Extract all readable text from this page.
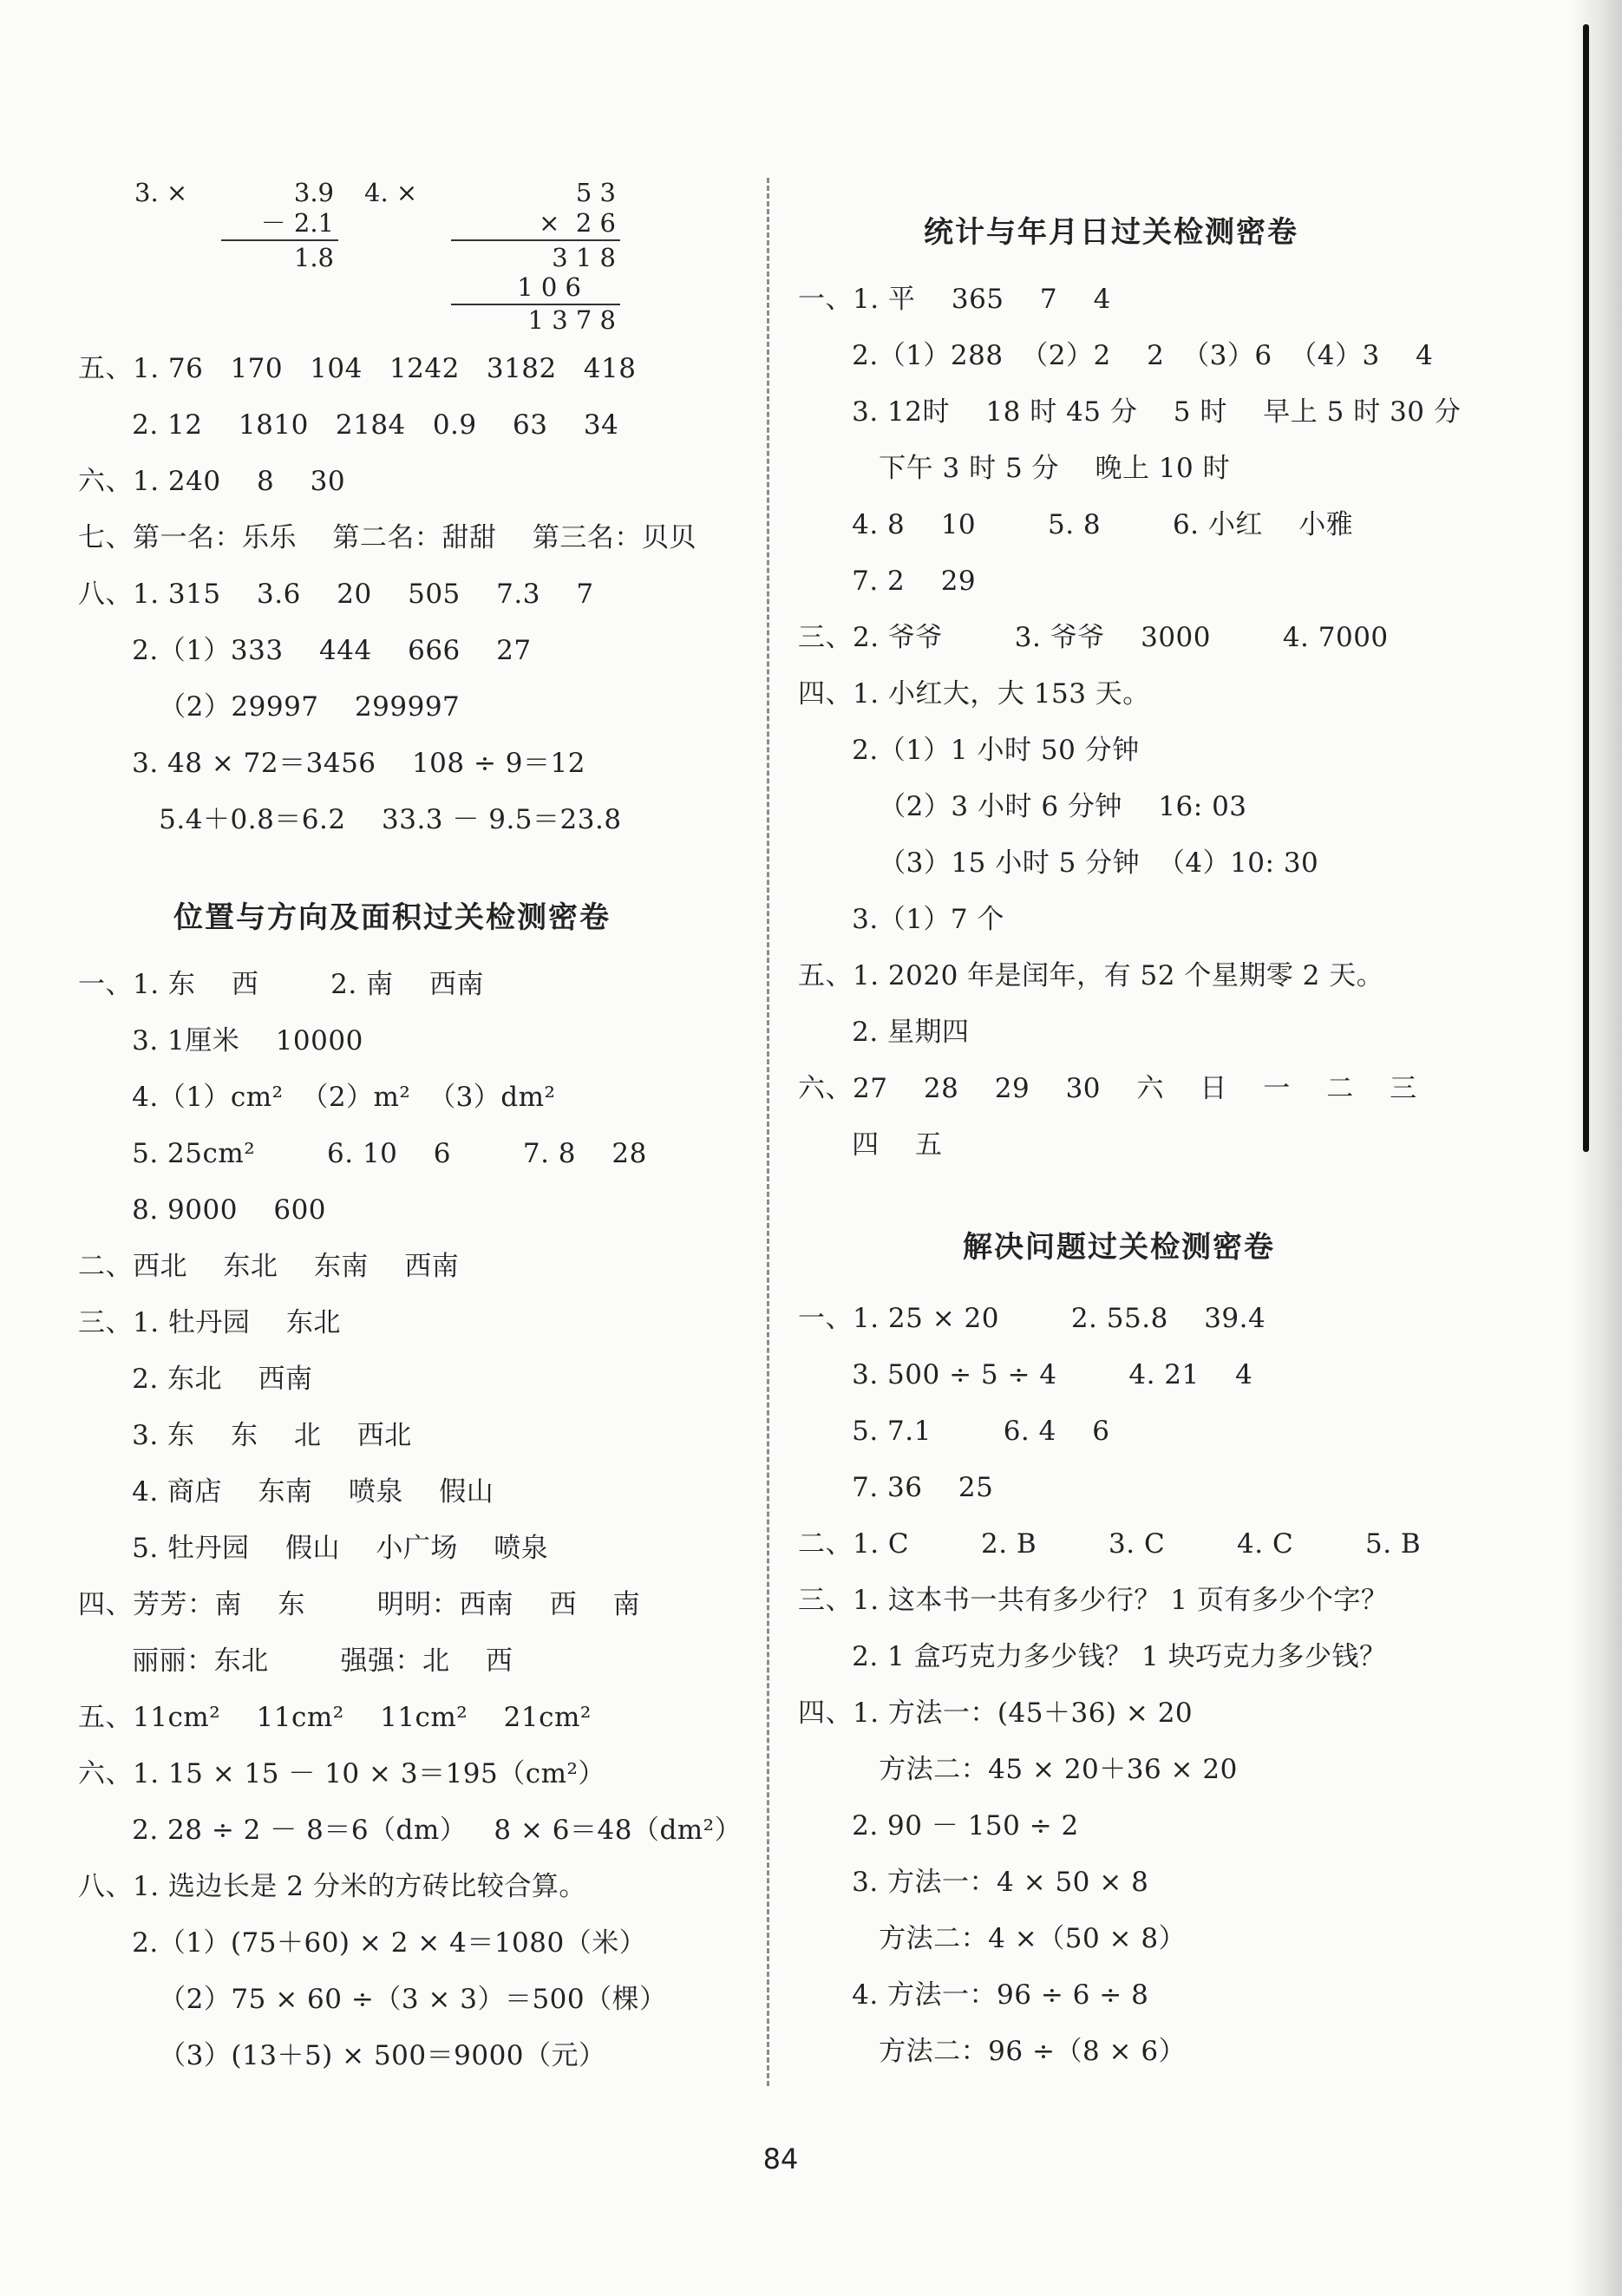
3. ×	3.9
－ 2.1
1.8
4. ×	5 3
×  2 6
3 1 8
1 0 6
1 3 7 8
五、1. 76   170   104   1242   3182   418
2. 12    1810   2184   0.9    63    34
六、1. 240    8    30
七、第一名：乐乐    第二名：甜甜    第三名：贝贝
八、1. 315    3.6    20    505    7.3    7
2.（1）333    444    666    27
（2）29997    299997
3. 48 × 72＝3456    108 ÷ 9＝12
5.4＋0.8＝6.2    33.3 － 9.5＝23.8
位置与方向及面积过关检测密卷
一、1. 东    西        2. 南    西南
3. 1厘米    10000
4.（1）cm²  （2）m²  （3）dm²
5. 25cm²        6. 10    6        7. 8    28
8. 9000    600
二、西北    东北    东南    西南
三、1. 牡丹园    东北
2. 东北    西南
3. 东    东    北    西北
4. 商店    东南    喷泉    假山
5. 牡丹园    假山    小广场    喷泉
四、芳芳：南    东        明明：西南    西    南
丽丽：东北        强强：北    西
五、11cm²    11cm²    11cm²    21cm²
六、1. 15 × 15 － 10 × 3＝195（cm²）
2. 28 ÷ 2 － 8＝6（dm）   8 × 6＝48（dm²）
八、1. 选边长是 2 分米的方砖比较合算。
2.（1）(75＋60) × 2 × 4＝1080（米）
（2）75 × 60 ÷（3 × 3）＝500（棵）
（3）(13＋5) × 500＝9000（元）
统计与年月日过关检测密卷
一、1. 平    365    7    4
2.（1）288  （2）2    2  （3）6  （4）3    4
3. 12时    18 时 45 分    5 时    早上 5 时 30 分
下午 3 时 5 分    晚上 10 时
4. 8    10        5. 8        6. 小红    小雅
7. 2    29
三、2. 爷爷        3. 爷爷    3000        4. 7000
四、1. 小红大，大 153 天。
2.（1）1 小时 50 分钟
（2）3 小时 6 分钟    16: 03
（3）15 小时 5 分钟  （4）10: 30
3.（1）7 个
五、1. 2020 年是闰年，有 52 个星期零 2 天。
2. 星期四
六、27    28    29    30    六    日    一    二    三
四    五
解决问题过关检测密卷
一、1. 25 × 20        2. 55.8    39.4
3. 500 ÷ 5 ÷ 4        4. 21    4
5. 7.1        6. 4    6
7. 36    25
二、1. C        2. B        3. C        4. C        5. B
三、1. 这本书一共有多少行？ 1 页有多少个字？
2. 1 盒巧克力多少钱？ 1 块巧克力多少钱？
四、1. 方法一：(45＋36) × 20
方法二：45 × 20＋36 × 20
2. 90 － 150 ÷ 2
3. 方法一：4 × 50 × 8
方法二：4 ×（50 × 8）
4. 方法一：96 ÷ 6 ÷ 8
方法二：96 ÷（8 × 6）
84
